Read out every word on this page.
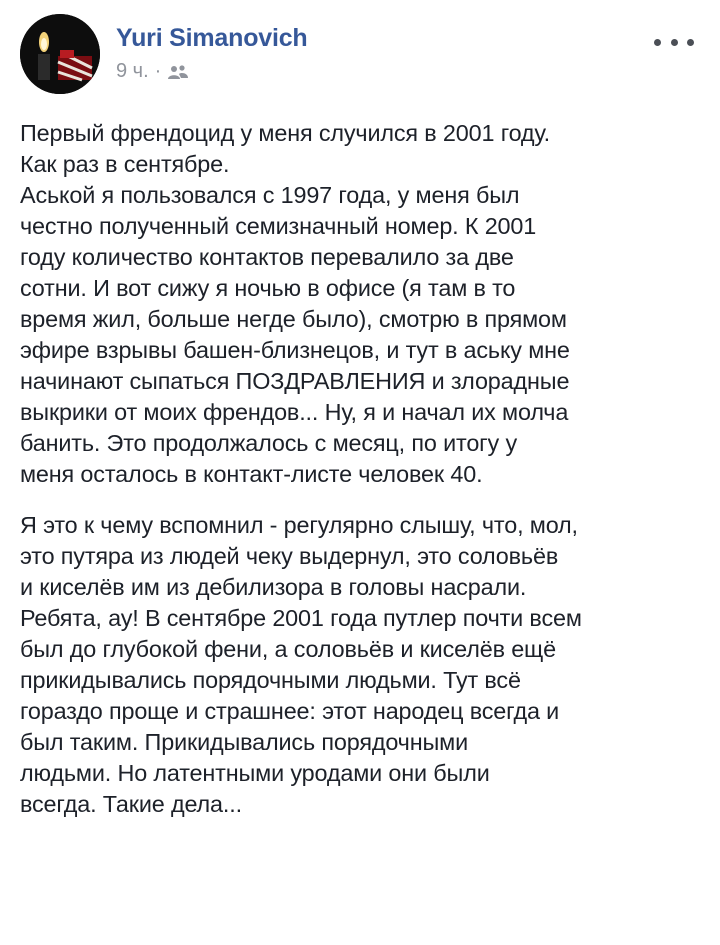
Yuri Simanovich
9 ч. ·

Первый френдоцид у меня случился в 2001 году.

Как раз в сентябре.

Аськой я пользовался с 1997 года, у меня был

честно полученный семизначный номер. К 2001

году количество контактов перевалило за две

сотни. И вот сижу я ночью в офисе (я там в то

время жил, больше негде было), смотрю в прямом

эфире взрывы башен-близнецов, и тут в аську мне

начинают сыпаться ПОЗДРАВЛЕНИЯ и злорадные

выкрики от моих френдов... Ну, я и начал их молча

банить. Это продолжалось с месяц, по итогу у

меня осталось в контакт-листе человек 40.

Я это к чему вспомнил - регулярно слышу, что, мол,

это путяра из людей чеку выдернул, это соловьёв

и киселёв им из дебилизора в головы насрали.

Ребята, ау! В сентябре 2001 года путлер почти всем

был до глубокой фени, а соловьёв и киселёв ещё

прикидывались порядочными людьми. Тут всё

гораздо проще и страшнее: этот народец всегда и

был таким. Прикидывались порядочными

людьми. Но латентными уродами они были

всегда. Такие дела...
